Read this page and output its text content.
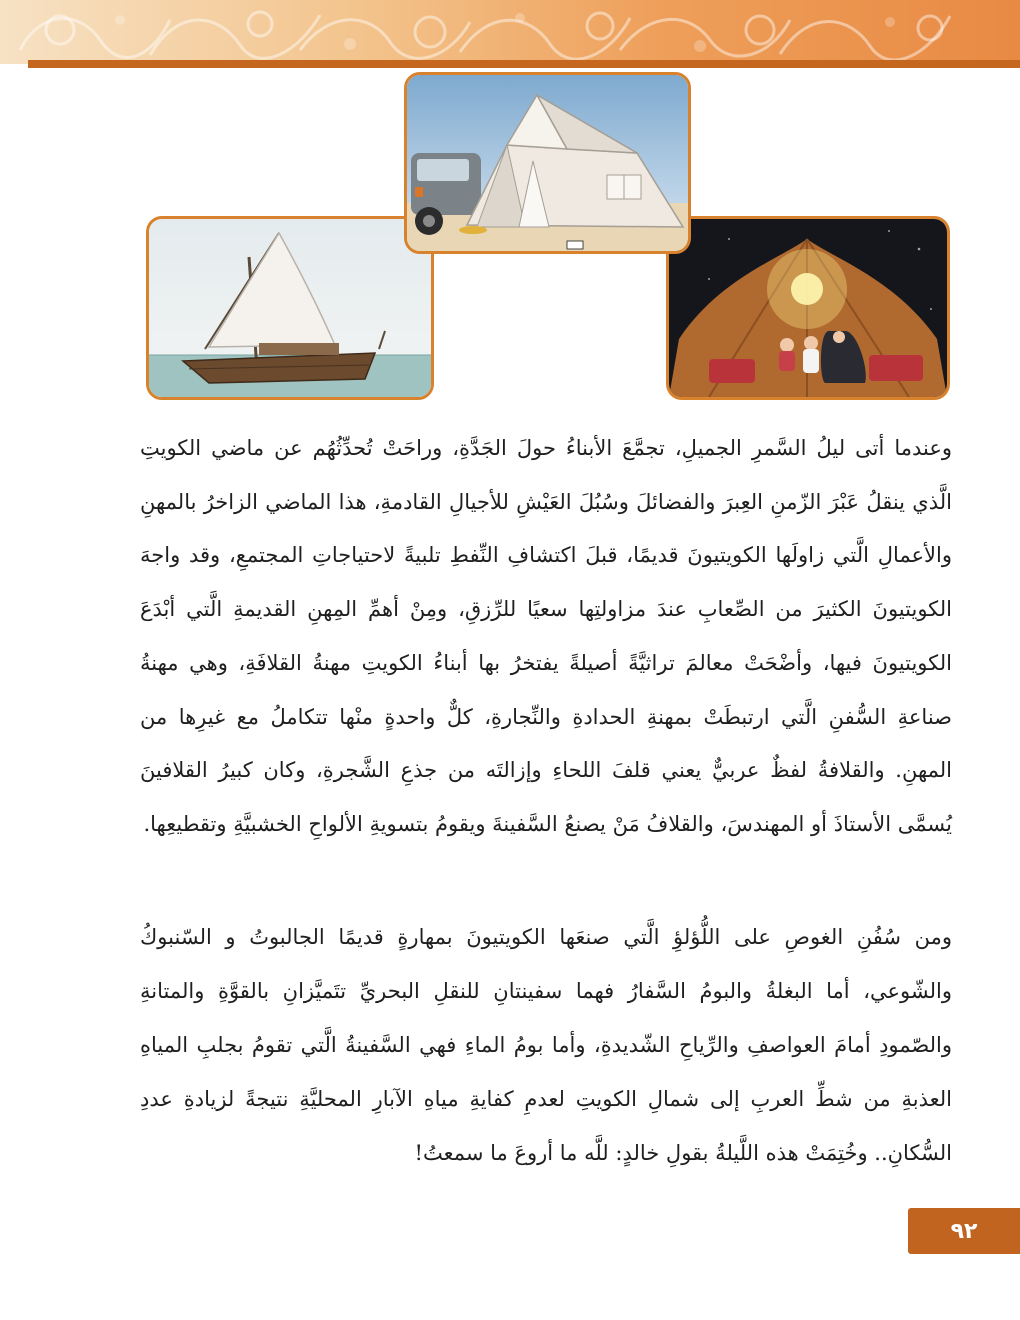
وعندما أتى ليلُ السَّمرِ الجميلِ، تجمَّعَ الأبناءُ حولَ الجَدَّةِ، وراحَتْ تُحدِّثُهُم عن ماضي الكويتِ الَّذي ينقلُ عَبْرَ الزّمنِ العِبرَ والفضائلَ وسُبُلَ العَيْشِ للأجيالِ القادمةِ، هذا الماضي الزاخرُ بالمهنِ والأعمالِ الَّتي زاولَها الكويتيونَ قديمًا، قبلَ اكتشافِ النِّفطِ تلبيةً لاحتياجاتِ المجتمعِ، وقد واجهَ الكويتيونَ الكثيرَ من الصِّعابِ عندَ مزاولتِها سعيًا للرِّزقِ، ومِنْ أهمِّ المِهنِ القديمةِ الَّتي أبْدَعَ الكويتيونَ فيها، وأضْحَتْ معالمَ تراثيَّةً أصيلةً يفتخرُ بها أبناءُ الكويتِ مهنةُ القلافَةِ، وهي مهنةُ صناعةِ السُّفنِ الَّتي ارتبطَتْ بمهنةِ الحدادةِ والنِّجارةِ، كلٌّ واحدةٍ منْها تتكاملُ مع غيرِها من المهنِ. والقلافةُ لفظٌ عربيٌّ يعني قلفَ اللحاءِ وإزالتَه من جذعِ الشَّجرةِ، وكان كبيرُ القلافينَ يُسمَّى الأستاذَ أو المهندسَ، والقلافُ مَنْ يصنعُ السَّفينةَ ويقومُ بتسويةِ الألواحِ الخشبيَّةِ وتقطيعِها.
ومن سُفُنِ الغوصِ على اللُّؤلؤِ الَّتي صنعَها الكويتيونَ بمهارةٍ قديمًا الجالبوتُ و السّنبوكُ والشّوعي، أما البغلةُ والبومُ السَّفارُ فهما سفينتانِ للنقلِ البحريِّ تتَميَّزانِ بالقوَّةِ والمتانةِ والصّمودِ أمامَ العواصفِ والرِّياحِ الشّديدةِ، وأما بومُ الماءِ فهي السَّفينةُ الَّتي تقومُ بجلبِ المياهِ العذبةِ من شطِّ العربِ إلى شمالِ الكويتِ لعدمِ كفايةِ مياهِ الآبارِ المحليَّةِ نتيجةً لزيادةِ عددِ السُّكانِ.. وخُتِمَتْ هذه اللَّيلةُ بقولِ خالدٍ: للَّه ما أروعَ ما سمعتُ!
٩٢
